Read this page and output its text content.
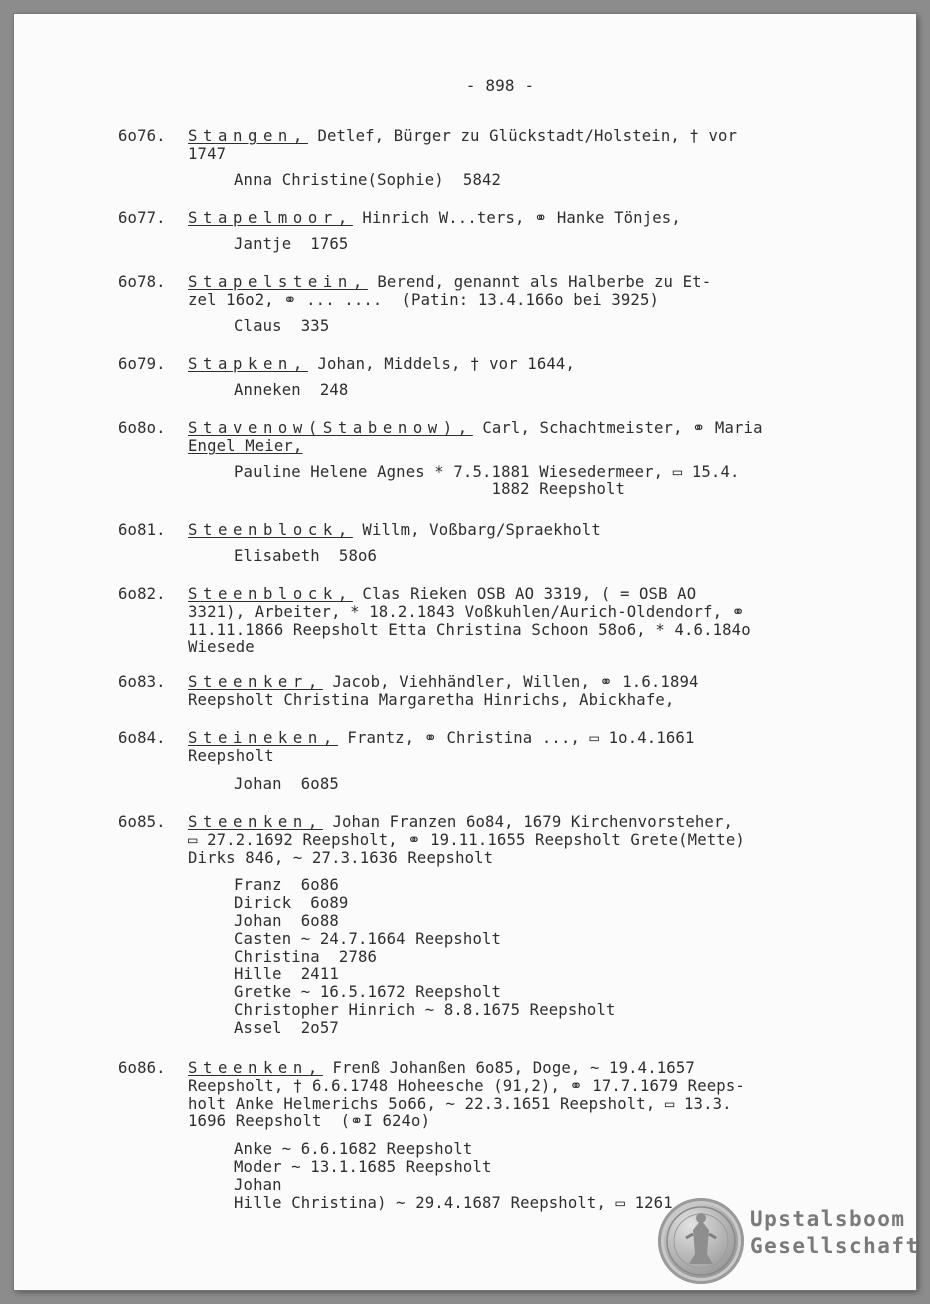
- 898 -
6o76.	Stangen, Detlef, Bürger zu Glückstadt/Holstein, † vor
1747
Anna Christine(Sophie)  5842
6o77.	Stapelmoor, Hinrich W...ters, ⚭ Hanke Tönjes,
Jantje  1765
6o78.	Stapelstein, Berend, genannt als Halberbe zu Et-
zel 16o2, ⚭ ... ....  (Patin: 13.4.166o bei 3925)
Claus  335
6o79.	Stapken, Johan, Middels, † vor 1644,
Anneken  248
6o8o.	Stavenow(Stabenow), Carl, Schachtmeister, ⚭ Maria
Engel Meier,
Pauline Helene Agnes * 7.5.1881 Wiesedermeer, ▭ 15.4.
1882 Reepsholt
6o81.	Steenblock, Willm, Voßbarg/Spraekholt
Elisabeth  58o6
6o82.	Steenblock, Clas Rieken OSB AO 3319, ( = OSB AO
3321), Arbeiter, * 18.2.1843 Voßkuhlen/Aurich-Oldendorf, ⚭
11.11.1866 Reepsholt Etta Christina Schoon 58o6, * 4.6.184o
Wiesede
6o83.	Steenker, Jacob, Viehhändler, Willen, ⚭ 1.6.1894
Reepsholt Christina Margaretha Hinrichs, Abickhafe,
6o84.	Steineken, Frantz, ⚭ Christina ..., ▭ 1o.4.1661
Reepsholt
Johan  6o85
6o85.	Steenken, Johan Franzen 6o84, 1679 Kirchenvorsteher,
▭ 27.2.1692 Reepsholt, ⚭ 19.11.1655 Reepsholt Grete(Mette)
Dirks 846, ~ 27.3.1636 Reepsholt
Franz  6o86
Dirick  6o89
Johan  6o88
Casten ~ 24.7.1664 Reepsholt
Christina  2786
Hille  2411
Gretke ~ 16.5.1672 Reepsholt
Christopher Hinrich ~ 8.8.1675 Reepsholt
Assel  2o57
6o86.	Steenken, Frenß Johanßen 6o85, Doge, ~ 19.4.1657
Reepsholt, † 6.6.1748 Hoheesche (91,2), ⚭ 17.7.1679 Reeps-
holt Anke Helmerichs 5o66, ~ 22.3.1651 Reepsholt, ▭ 13.3.
1696 Reepsholt  (⚭I 624o)
Anke ~ 6.6.1682 Reepsholt
Moder ~ 13.1.1685 Reepsholt
Johan
Hille Christina) ~ 29.4.1687 Reepsholt, ▭ 1261
Upstalsboom
Gesellschaft
